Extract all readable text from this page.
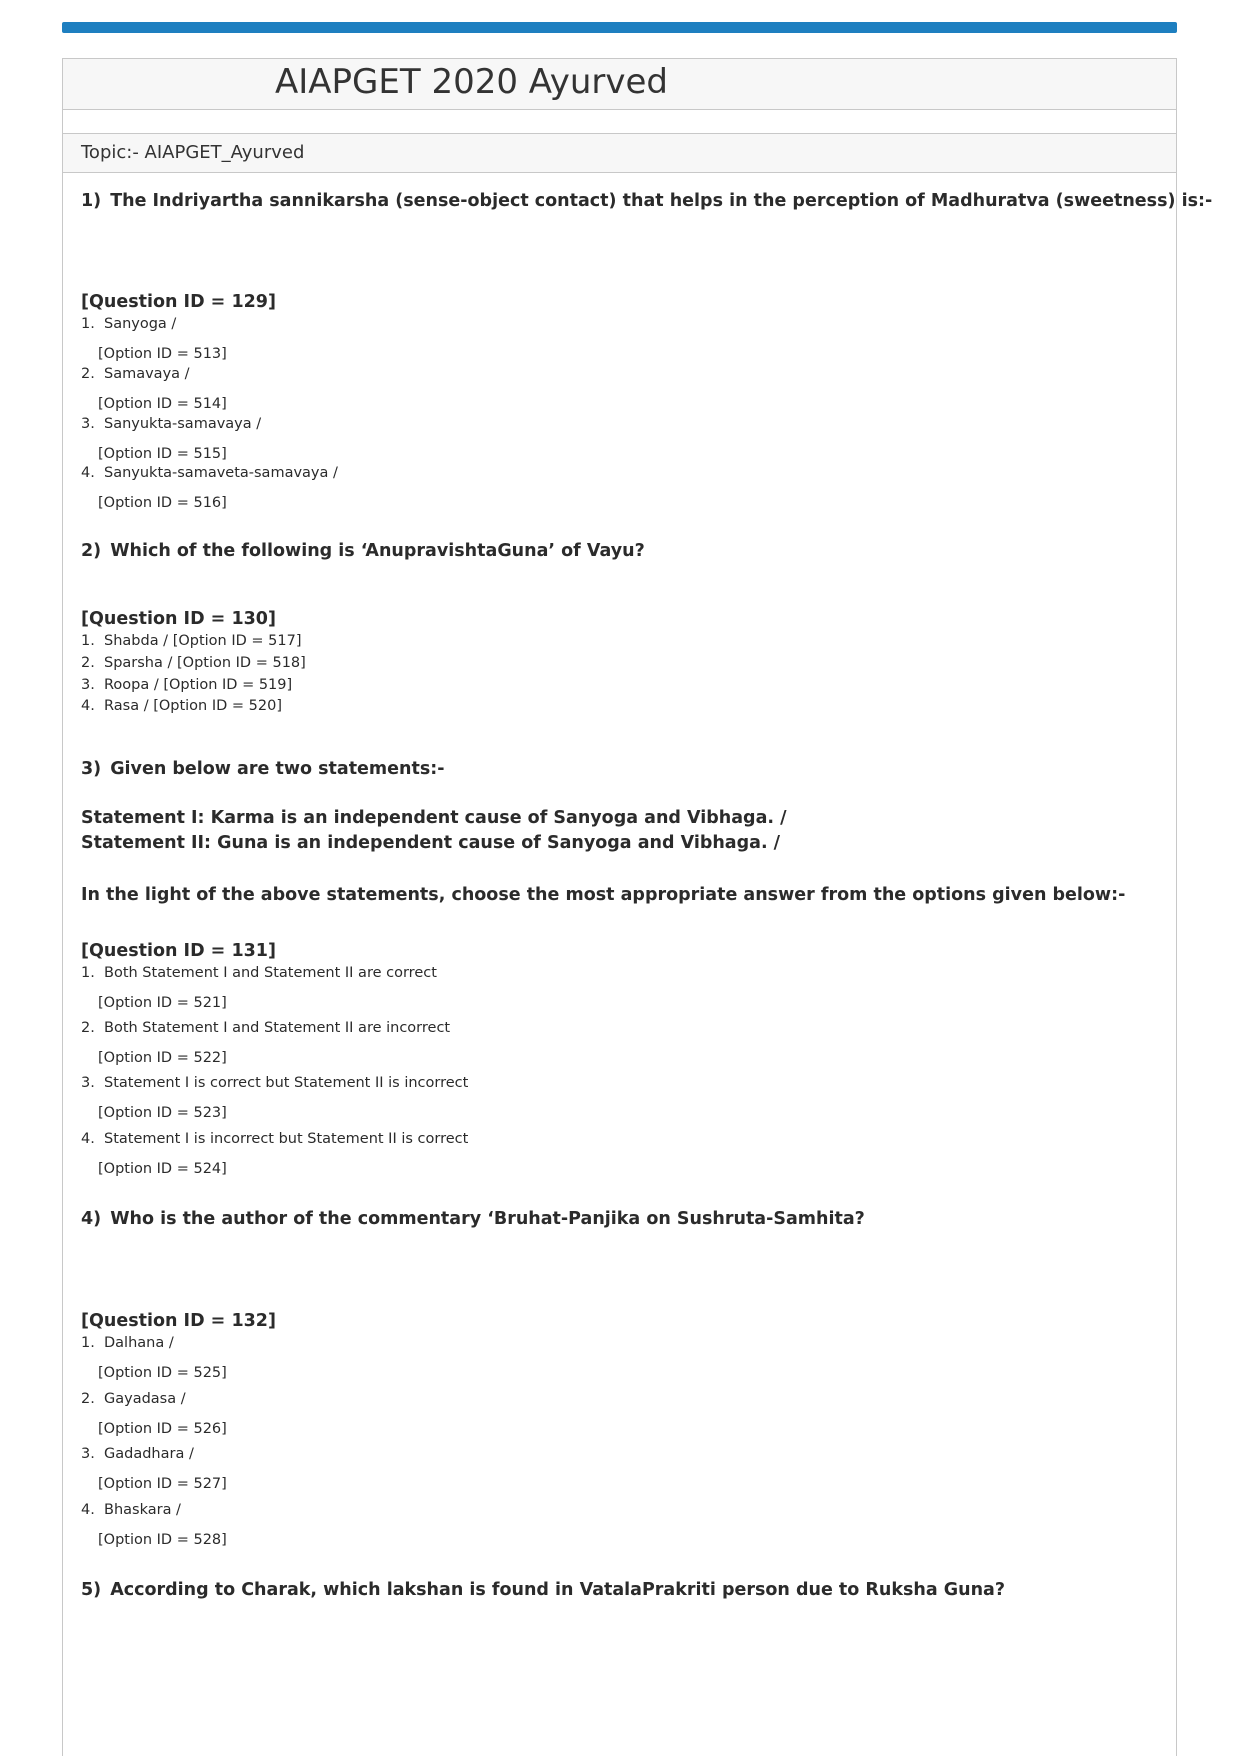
AIAPGET 2020 Ayurved
Topic:- AIAPGET_Ayurved
1) The Indriyartha sannikarsha (sense-object contact) that helps in the perception of Madhuratva (sweetness) is:-
[Question ID = 129]
1. Sanyoga /
[Option ID = 513]
2. Samavaya /
[Option ID = 514]
3. Sanyukta-samavaya /
[Option ID = 515]
4. Sanyukta-samaveta-samavaya /
[Option ID = 516]
2) Which of the following is ‘AnupravishtaGuna’ of Vayu?
[Question ID = 130]
1. Shabda / [Option ID = 517]
2. Sparsha / [Option ID = 518]
3. Roopa / [Option ID = 519]
4. Rasa / [Option ID = 520]
3) Given below are two statements:-
Statement I: Karma is an independent cause of Sanyoga and Vibhaga. /
Statement II: Guna is an independent cause of Sanyoga and Vibhaga. /
In the light of the above statements, choose the most appropriate answer from the options given below:-
[Question ID = 131]
1. Both Statement I and Statement II are correct
[Option ID = 521]
2. Both Statement I and Statement II are incorrect
[Option ID = 522]
3. Statement I is correct but Statement II is incorrect
[Option ID = 523]
4. Statement I is incorrect but Statement II is correct
[Option ID = 524]
4) Who is the author of the commentary ‘Bruhat-Panjika on Sushruta-Samhita?
[Question ID = 132]
1. Dalhana /
[Option ID = 525]
2. Gayadasa /
[Option ID = 526]
3. Gadadhara /
[Option ID = 527]
4. Bhaskara /
[Option ID = 528]
5) According to Charak, which lakshan is found in VatalaPrakriti person due to Ruksha Guna?
